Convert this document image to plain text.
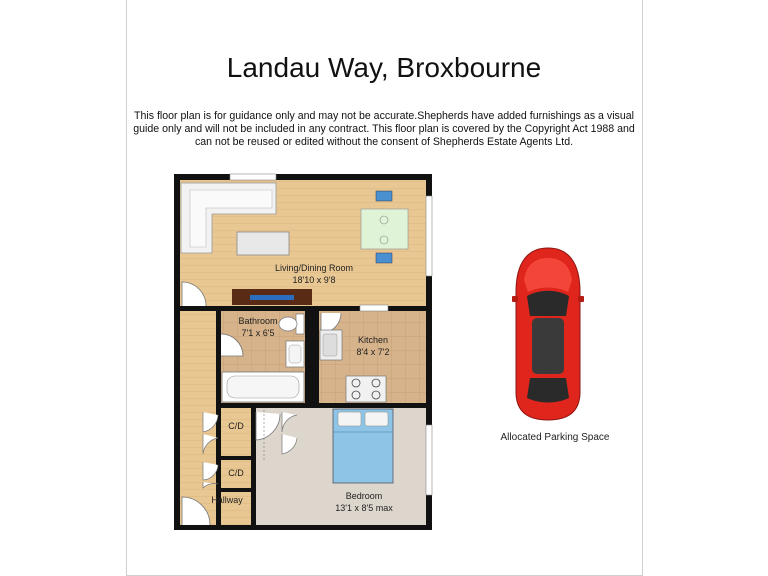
Landau Way, Broxbourne
This floor plan is for guidance only and may not be accurate.Shepherds have added furnishings as a visual guide only and will not be included in any contract. This floor plan is covered by the Copyright Act 1988 and can not be reused or edited without the consent of Shepherds Estate Agents Ltd.
Living/Dining Room
18'10 x 9'8
Bathroom
7'1 x 6'5
Kitchen
8'4 x 7'2
C/D
C/D
Hallway	Bedroom
13'1 x 8'5 max
Allocated Parking Space
